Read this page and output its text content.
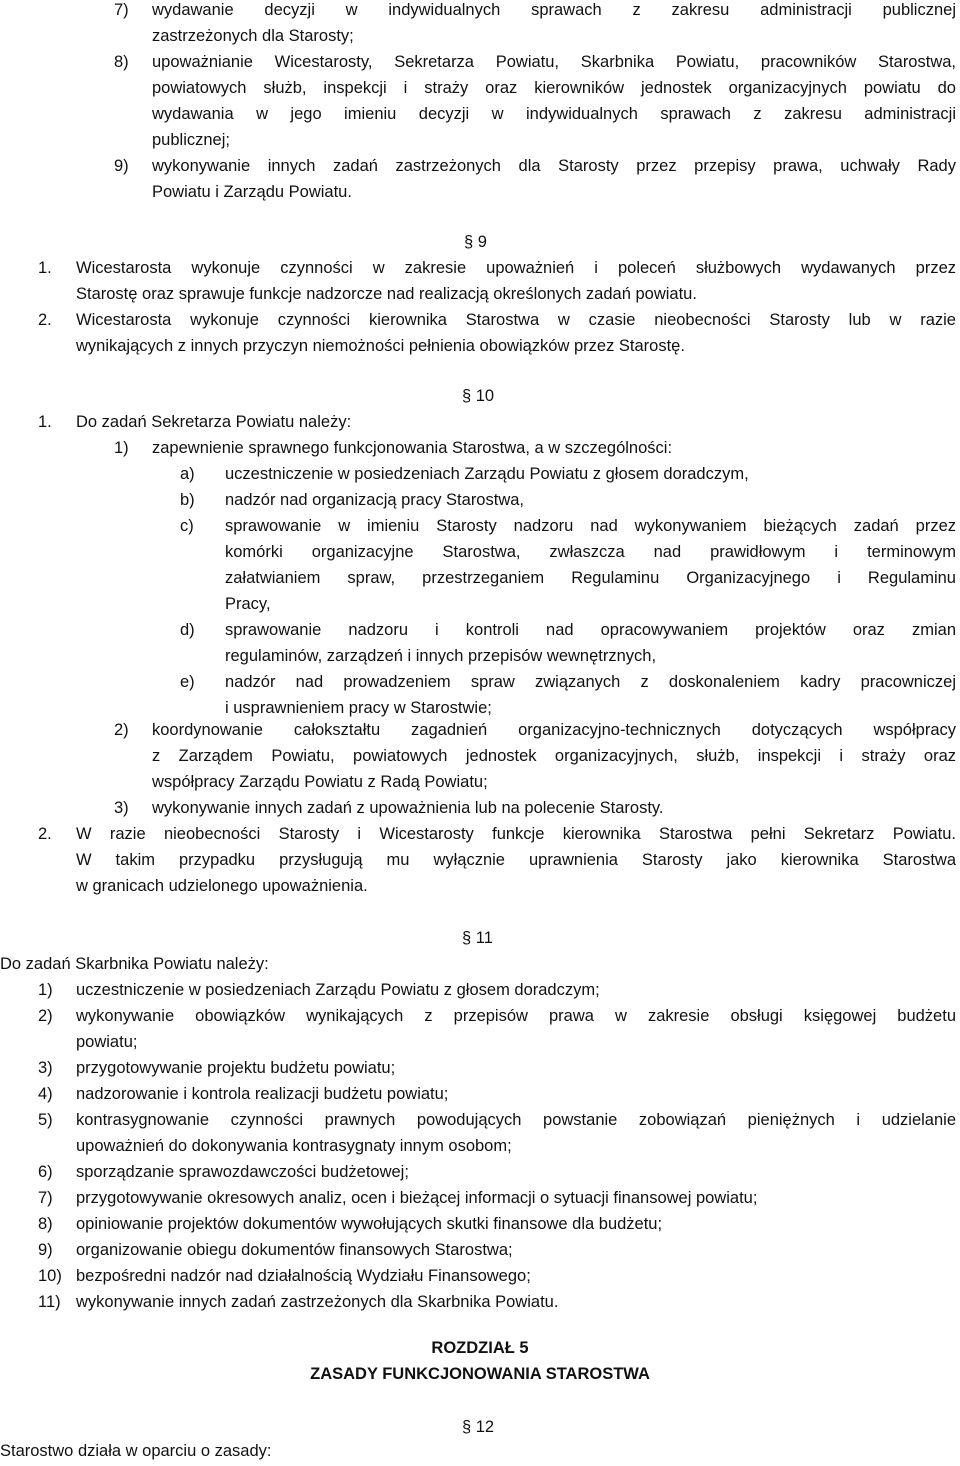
7) wydawanie decyzji w indywidualnych sprawach z zakresu administracji publicznej
zastrzeżonych dla Starosty;
8) upoważnianie Wicestarosty, Sekretarza Powiatu, Skarbnika Powiatu, pracowników Starostwa,
powiatowych służb, inspekcji i straży oraz kierowników jednostek organizacyjnych powiatu do
wydawania w jego imieniu decyzji w indywidualnych sprawach z zakresu administracji
publicznej;
9) wykonywanie innych zadań zastrzeżonych dla Starosty przez przepisy prawa, uchwały Rady
Powiatu i Zarządu Powiatu.
§ 9
1. Wicestarosta wykonuje czynności w zakresie upoważnień i poleceń służbowych wydawanych przez
Starostę oraz sprawuje funkcje nadzorcze nad realizacją określonych zadań powiatu.
2. Wicestarosta wykonuje czynności kierownika Starostwa w czasie nieobecności Starosty lub w razie
wynikających z innych przyczyn niemożności pełnienia obowiązków przez Starostę.
§ 10
1. Do zadań Sekretarza Powiatu należy:
1) zapewnienie sprawnego funkcjonowania Starostwa, a w szczególności:
a) uczestniczenie w posiedzeniach Zarządu Powiatu z głosem doradczym,
b) nadzór nad organizacją pracy Starostwa,
c) sprawowanie w imieniu Starosty nadzoru nad wykonywaniem bieżących zadań przez
komórki organizacyjne Starostwa, zwłaszcza nad prawidłowym i terminowym
załatwianiem spraw, przestrzeganiem Regulaminu Organizacyjnego i Regulaminu
Pracy,
d) sprawowanie nadzoru i kontroli nad opracowywaniem projektów oraz zmian
regulaminów, zarządzeń i innych przepisów wewnętrznych,
e) nadzór nad prowadzeniem spraw związanych z doskonaleniem kadry pracowniczej
i usprawnieniem pracy w Starostwie;
2) koordynowanie całokształtu zagadnień organizacyjno-technicznych dotyczących współpracy
z Zarządem Powiatu, powiatowych jednostek organizacyjnych, służb, inspekcji i straży oraz
współpracy Zarządu Powiatu z Radą Powiatu;
3) wykonywanie innych zadań z upoważnienia lub na polecenie Starosty.
2. W razie nieobecności Starosty i Wicestarosty funkcje kierownika Starostwa pełni Sekretarz Powiatu.
W takim przypadku przysługują mu wyłącznie uprawnienia Starosty jako kierownika Starostwa
w granicach udzielonego upoważnienia.
§ 11
Do zadań Skarbnika Powiatu należy:
1) uczestniczenie w posiedzeniach Zarządu Powiatu z głosem doradczym;
2) wykonywanie obowiązków wynikających z przepisów prawa w zakresie obsługi księgowej budżetu
powiatu;
3) przygotowywanie projektu budżetu powiatu;
4) nadzorowanie i kontrola realizacji budżetu powiatu;
5) kontrasygnowanie czynności prawnych powodujących powstanie zobowiązań pieniężnych i udzielanie
upoważnień do dokonywania kontrasygnaty innym osobom;
6) sporządzanie sprawozdawczości budżetowej;
7) przygotowywanie okresowych analiz, ocen i bieżącej informacji o sytuacji finansowej powiatu;
8) opiniowanie projektów dokumentów wywołujących skutki finansowe dla budżetu;
9) organizowanie obiegu dokumentów finansowych Starostwa;
10) bezpośredni nadzór nad działalnością Wydziału Finansowego;
11) wykonywanie innych zadań zastrzeżonych dla Skarbnika Powiatu.
ROZDZIAŁ 5
ZASADY FUNKCJONOWANIA STAROSTWA
§ 12
Starostwo działa w oparciu o zasady:
